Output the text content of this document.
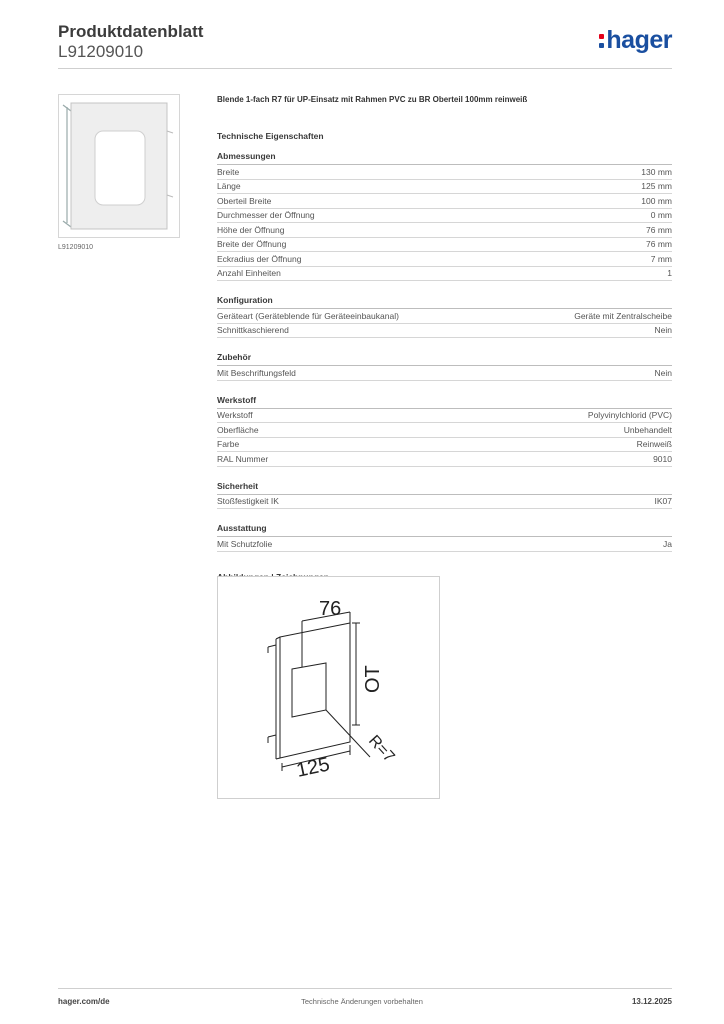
Produktdatenblatt
L91209010	hager
L91209010
Blende 1-fach R7 für UP-Einsatz mit Rahmen PVC zu BR Oberteil 100mm reinweiß
Technische Eigenschaften
Abmessungen
Breite	130 mm
Länge	125 mm
Oberteil Breite	100 mm
Durchmesser der Öffnung	0 mm
Höhe der Öffnung	76 mm
Breite der Öffnung	76 mm
Eckradius der Öffnung	7 mm
Anzahl Einheiten	1
Konfiguration
Geräteart (Geräteblende für Geräteeinbaukanal)	Geräte mit Zentralscheibe
Schnittkaschierend	Nein
Zubehör
Mit Beschriftungsfeld	Nein
Werkstoff
Werkstoff	Polyvinylchlorid (PVC)
Oberfläche	Unbehandelt
Farbe	Reinweiß
RAL Nummer	9010
Sicherheit
Stoßfestigkeit IK	IK07
Ausstattung
Mit Schutzfolie	Ja
76
OT
125
R=7
hager.com/de	Technische Änderungen vorbehalten	13.12.2025
